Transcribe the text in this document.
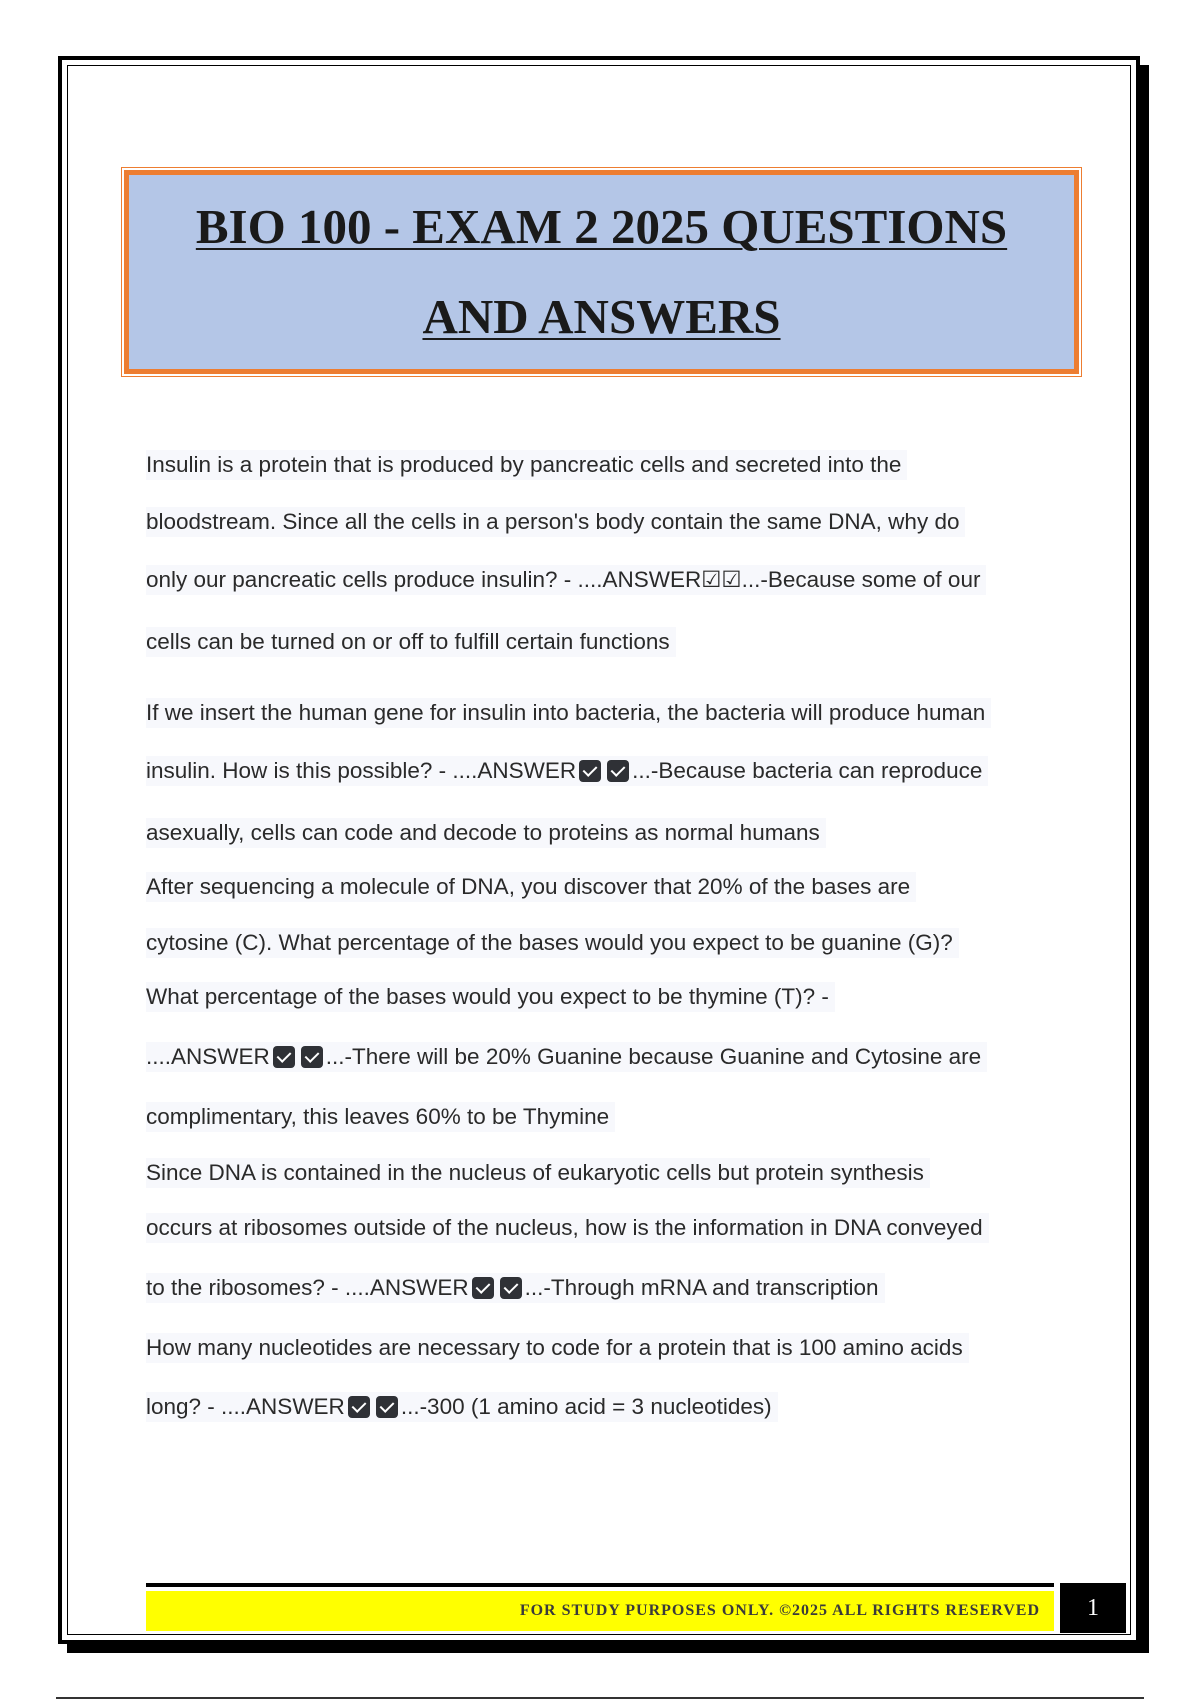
BIO 100 - EXAM 2 2025 QUESTIONS
AND ANSWERS
Insulin is a protein that is produced by pancreatic cells and secreted into the
bloodstream. Since all the cells in a person's body contain the same DNA, why do
only our pancreatic cells produce insulin? - ....ANSWER☑☑...-Because some of our
cells can be turned on or off to fulfill certain functions
If we insert the human gene for insulin into bacteria, the bacteria will produce human
insulin. How is this possible? - ....ANSWER ...-Because bacteria can reproduce
asexually, cells can code and decode to proteins as normal humans
After sequencing a molecule of DNA, you discover that 20% of the bases are
cytosine (C). What percentage of the bases would you expect to be guanine (G)?
What percentage of the bases would you expect to be thymine (T)? -
....ANSWER ...-There will be 20% Guanine because Guanine and Cytosine are
complimentary, this leaves 60% to be Thymine
Since DNA is contained in the nucleus of eukaryotic cells but protein synthesis
occurs at ribosomes outside of the nucleus, how is the information in DNA conveyed
to the ribosomes? - ....ANSWER ...-Through mRNA and transcription
How many nucleotides are necessary to code for a protein that is 100 amino acids
long? - ....ANSWER ...-300 (1 amino acid = 3 nucleotides)
FOR STUDY PURPOSES ONLY. ©2025 ALL RIGHTS RESERVED 1
